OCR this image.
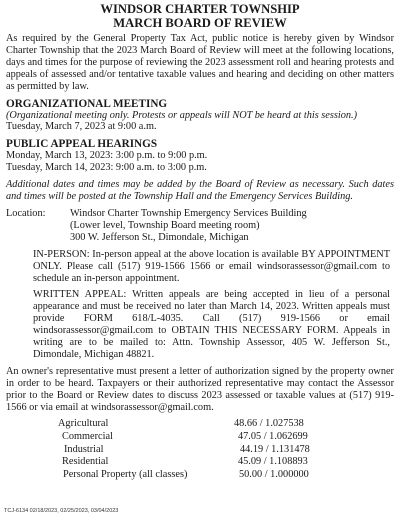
WINDSOR CHARTER TOWNSHIP
MARCH BOARD OF REVIEW

As required by the General Property Tax Act, public notice is hereby given by Windsor Charter Township that the 2023 March Board of Review will meet at the following locations, days and times for the purpose of reviewing the 2023 assessment roll and hearing protests and appeals of assessed and/or tentative taxable values and hearing and deciding on other matters as permitted by law.

ORGANIZATIONAL MEETING

(Organizational meeting only. Protests or appeals will NOT be heard at this session.)

Tuesday, March 7, 2023 at 9:00 a.m.

PUBLIC APPEAL HEARINGS

Monday, March 13, 2023: 3:00 p.m. to 9:00 p.m.

Tuesday, March 14, 2023: 9:00 a.m. to 3:00 p.m.

Additional dates and times may be added by the Board of Review as necessary. Such dates and times will be posted at the Township Hall and the Emergency Services Building.

Location:	Windsor Charter Township Emergency Services Building
(Lower level, Township Board meeting room)
300 W. Jefferson St., Dimondale, Michigan

IN-PERSON: In-person appeal at the above location is available BY APPOINTMENT ONLY. Please call (517) 919-1566 1566 or email windsorassessor@gmail.com to schedule an in-person appointment.

WRITTEN APPEAL: Written appeals are being accepted in lieu of a personal appearance and must be received no later than March 14, 2023. Written appeals must provide FORM 618/L-4035. Call (517) 919-1566 or email windsorassessor@gmail.com to OBTAIN THIS NECESSARY FORM. Appeals in writing are to be mailed to: Attn. Township Assessor, 405 W. Jefferson St., Dimondale, Michigan 48821.

An owner's representative must present a letter of authorization signed by the property owner in order to be heard. Taxpayers or their authorized representative may contact the Assessor prior to the Board or Review dates to discuss 2023 assessed or taxable values at (517) 919-1566 or via email at windsorassessor@gmail.com.

Agricultural	48.66 / 1.027538
Commercial	47.05 / 1.062699
Industrial	44.19 / 1.131478
Residential	45.09 / 1.108893
Personal Property (all classes)	50.00 / 1.000000
TCJ-6134 02/18/2023, 02/25/2023, 03/04/2023
